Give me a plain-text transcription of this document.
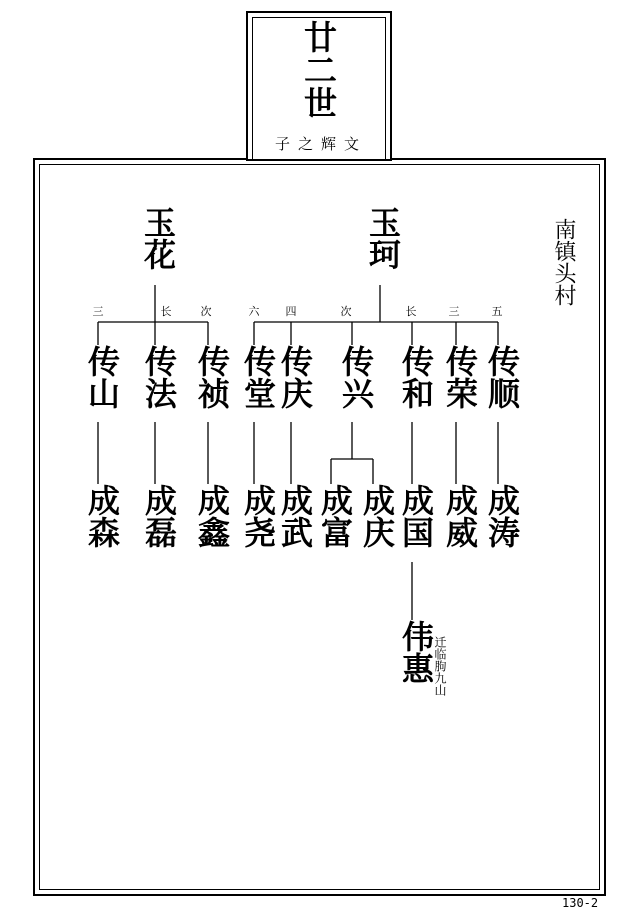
廿二世
子之辉文
南镇头村
玉花	玉珂
三	长	次	六	四	次	长	三	五
传山 传法 传祯 传堂 传庆 传兴 传和 传荣 传顺
成森 成磊 成鑫 成尧 成武 成富 成庆 成国 成威 成涛
伟惠
迁临朐九山
130-2
